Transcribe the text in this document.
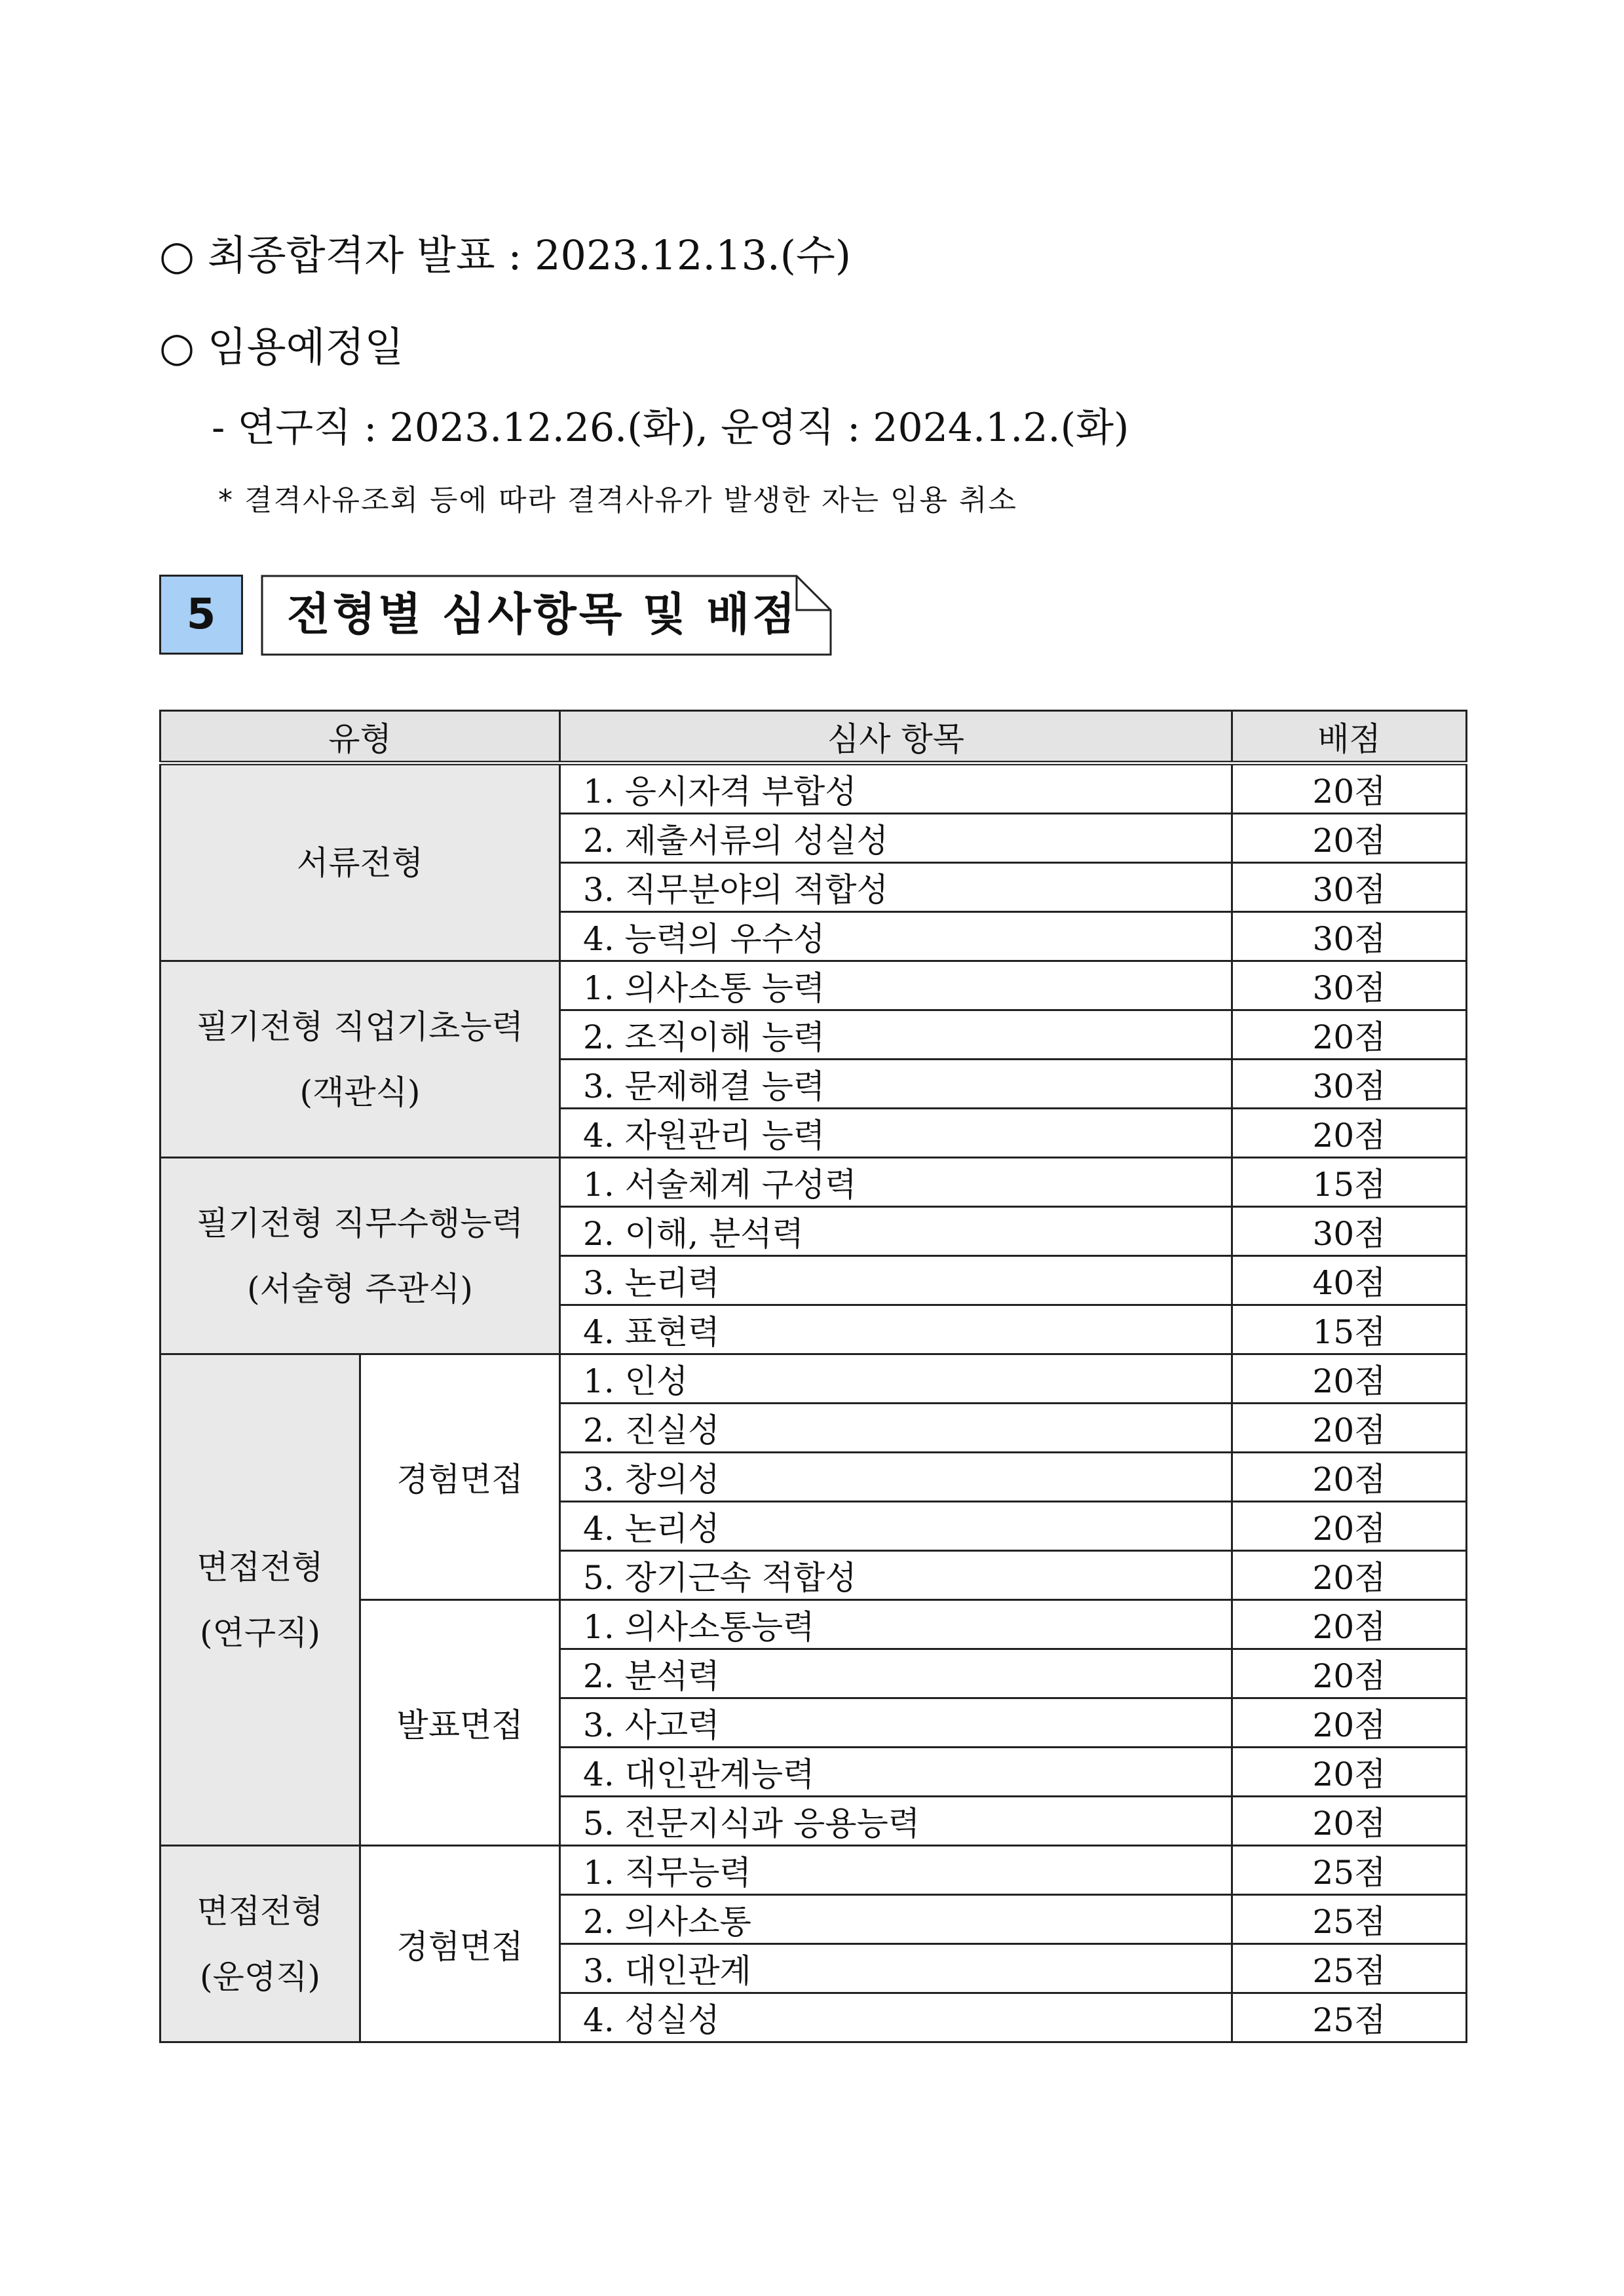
○ 최종합격자 발표 : 2023.12.13.(수)
○ 임용예정일
- 연구직 : 2023.12.26.(화), 운영직 : 2024.1.2.(화)
* 결격사유조회 등에 따라 결격사유가 발생한 자는 임용 취소
5	전형별 심사항목 및 배점
유형		심사 항목	배점
서류전형		1. 응시자격 부합성	20점
		2. 제출서류의 성실성	20점
		3. 직무분야의 적합성	30점
		4. 능력의 우수성	30점

필기전형 직업기초능력
(객관식)		1. 의사소통 능력	30점
		2. 조직이해 능력	20점
		3. 문제해결 능력	30점
		4. 자원관리 능력	20점

필기전형 직무수행능력
(서술형 주관식)		1. 서술체계 구성력	15점
		2. 이해, 분석력	30점
		3. 논리력	40점
		4. 표현력	15점

면접전형
(연구직)	경험면접	1. 인성	20점
		2. 진실성	20점
		3. 창의성	20점
		4. 논리성	20점
		5. 장기근속 적합성	20점
	발표면접	1. 의사소통능력	20점
		2. 분석력	20점
		3. 사고력	20점
		4. 대인관계능력	20점
		5. 전문지식과 응용능력	20점

면접전형
(운영직)	경험면접	1. 직무능력	25점
		2. 의사소통	25점
		3. 대인관계	25점
		4. 성실성	25점
